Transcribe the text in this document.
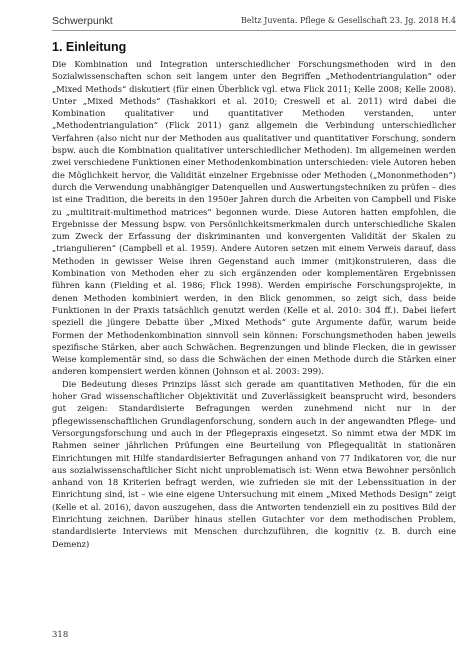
Schwerpunkt	Beltz Juventa. Pflege & Gesellschaft 23. Jg. 2018 H.4
1. Einleitung

Die Kombination und Integration unterschiedlicher Forschungsmethoden wird in den Sozialwissenschaften schon seit langem unter den Begriffen „Methodentriangulation“ oder „Mixed Methods“ diskutiert (für einen Überblick vgl. etwa Flick 2011; Kelle 2008; Kelle 2008). Unter „Mixed Methods“ (Tashakkori et al. 2010; Creswell et al. 2011) wird dabei die Kombination qualitativer und quantitativer Methoden verstanden, unter „Methodentriangulation“ (Flick 2011) ganz allgemein die Verbindung unterschiedlicher Verfahren (also nicht nur der Methoden aus qualitativer und quantitativer Forschung, sondern bspw. auch die Kombination qualitativer unterschiedlicher Methoden). Im allgemeinen werden zwei verschiedene Funktionen einer Methodenkombination unterschieden: viele Autoren heben die Möglichkeit hervor, die Validität einzelner Ergebnisse oder Methoden („Mononmethoden“) durch die Verwendung unabhängiger Datenquellen und Auswertungstechniken zu prüfen – dies ist eine Tradition, die bereits in den 1950er Jahren durch die Arbeiten von Campbell und Fiske zu „multitrait-multimethod matrices“ begonnen wurde. Diese Autoren hatten empfohlen, die Ergebnisse der Messung bspw. von Persönlichkeitsmerkmalen durch unterschiedliche Skalen zum Zweck der Erfassung der diskriminanten und konvergenten Validität der Skalen zu „triangulieren“ (Campbell et al. 1959). Andere Autoren setzen mit einem Verweis darauf, dass Methoden in gewisser Weise ihren Gegenstand auch immer (mit)konstruieren, dass die Kombination von Methoden eher zu sich ergänzenden oder komplementären Ergebnissen führen kann (Fielding et al. 1986; Flick 1998). Werden empirische Forschungsprojekte, in denen Methoden kombiniert werden, in den Blick genommen, so zeigt sich, dass beide Funktionen in der Praxis tatsächlich genutzt werden (Kelle et al. 2010: 304 ff.). Dabei liefert speziell die jüngere Debatte über „Mixed Methods“ gute Argumente dafür, warum beide Formen der Methodenkombination sinnvoll sein können: Forschungsmethoden haben jeweils spezifische Stärken, aber auch Schwächen. Begrenzungen und blinde Flecken, die in gewisser Weise komplementär sind, so dass die Schwächen der einen Methode durch die Stärken einer anderen kompensiert werden können (Johnson et al. 2003: 299).

Die Bedeutung dieses Prinzips lässt sich gerade am quantitativen Methoden, für die ein hoher Grad wissenschaftlicher Objektivität und Zuverlässigkeit beansprucht wird, besonders gut zeigen: Standardisierte Befragungen werden zunehmend nicht nur in der pflegewissenschaftlichen Grundlagenforschung, sondern auch in der angewandten Pflege- und Versorgungsforschung und auch in der Pflegepraxis eingesetzt. So nimmt etwa der MDK im Rahmen seiner jährlichen Prüfungen eine Beurteilung von Pflegequalität in stationären Einrichtungen mit Hilfe standardisierter Befragungen anhand von 77 Indikatoren vor, die nur aus sozialwissenschaftlicher Sicht nicht unproblematisch ist: Wenn etwa Bewohner persönlich anhand von 18 Kriterien befragt werden, wie zufrieden sie mit der Lebenssituation in der Einrichtung sind, ist – wie eine eigene Untersuchung mit einem „Mixed Methods Design“ zeigt (Kelle et al. 2016), davon auszugehen, dass die Antworten tendenziell ein zu positives Bild der Einrichtung zeichnen. Darüber hinaus stellen Gutachter vor dem methodischen Problem, standardisierte Interviews mit Menschen durchzuführen, die kognitiv (z. B. durch eine Demenz)

318
